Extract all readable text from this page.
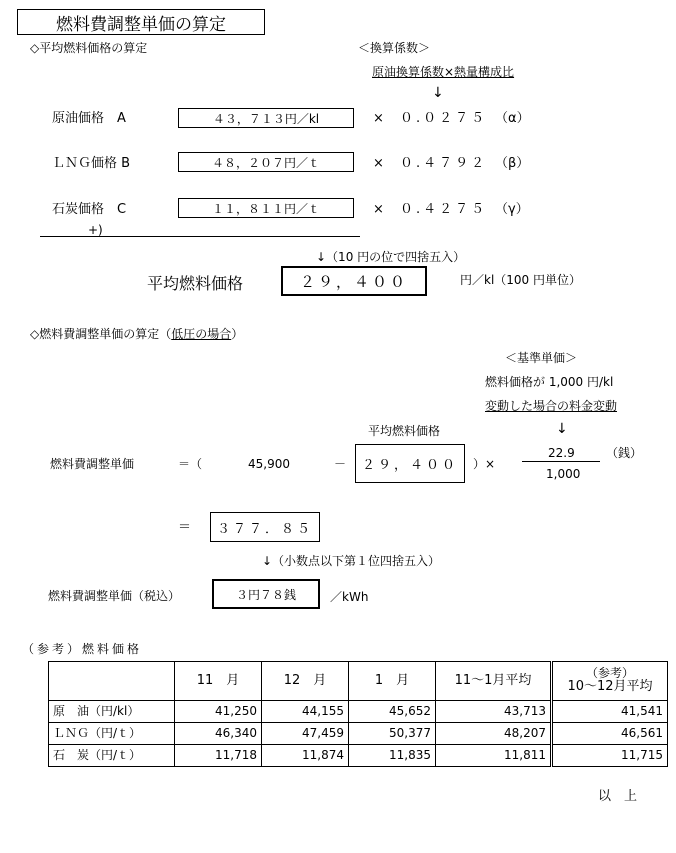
燃料費調整単価の算定
◇平均燃料価格の算定	＜換算係数＞
原油換算係数×熱量構成比
↓
原油価格　A	４３，７１３円／kl	× ０.０２７５ （α）
ＬＮＧ価格 B	４８，２０７円／ｔ	× ０.４７９２ （β）
石炭価格　C	１１，８１１円／ｔ	× ０.４２７５ （γ）
+)
↓（10 円の位で四捨五入）
平均燃料価格	２９，４００	円／kl（100 円単位）
◇燃料費調整単価の算定（低圧の場合）
＜基準単価＞
燃料価格が 1,000 円/kl
変動した場合の料金変動
↓
平均燃料価格
燃料費調整単価	＝（	45,900	－ ２９，４００ ）×
22.9
1,000
（銭）
＝ ３７７．８５
↓（小数点以下第１位四捨五入）
燃料費調整単価（税込）	３円７８銭	／kWh
（参考）燃料価格
	11　月	12　月	1　月	11～1月平均	（参考）
10～12月平均

原　油（円/kl）	41,250	44,155	45,652	43,713	41,541
ＬＮＧ（円/ｔ）	46,340	47,459	50,377	48,207	46,561
石　炭（円/ｔ）	11,718	11,874	11,835	11,811	11,715
以　上
